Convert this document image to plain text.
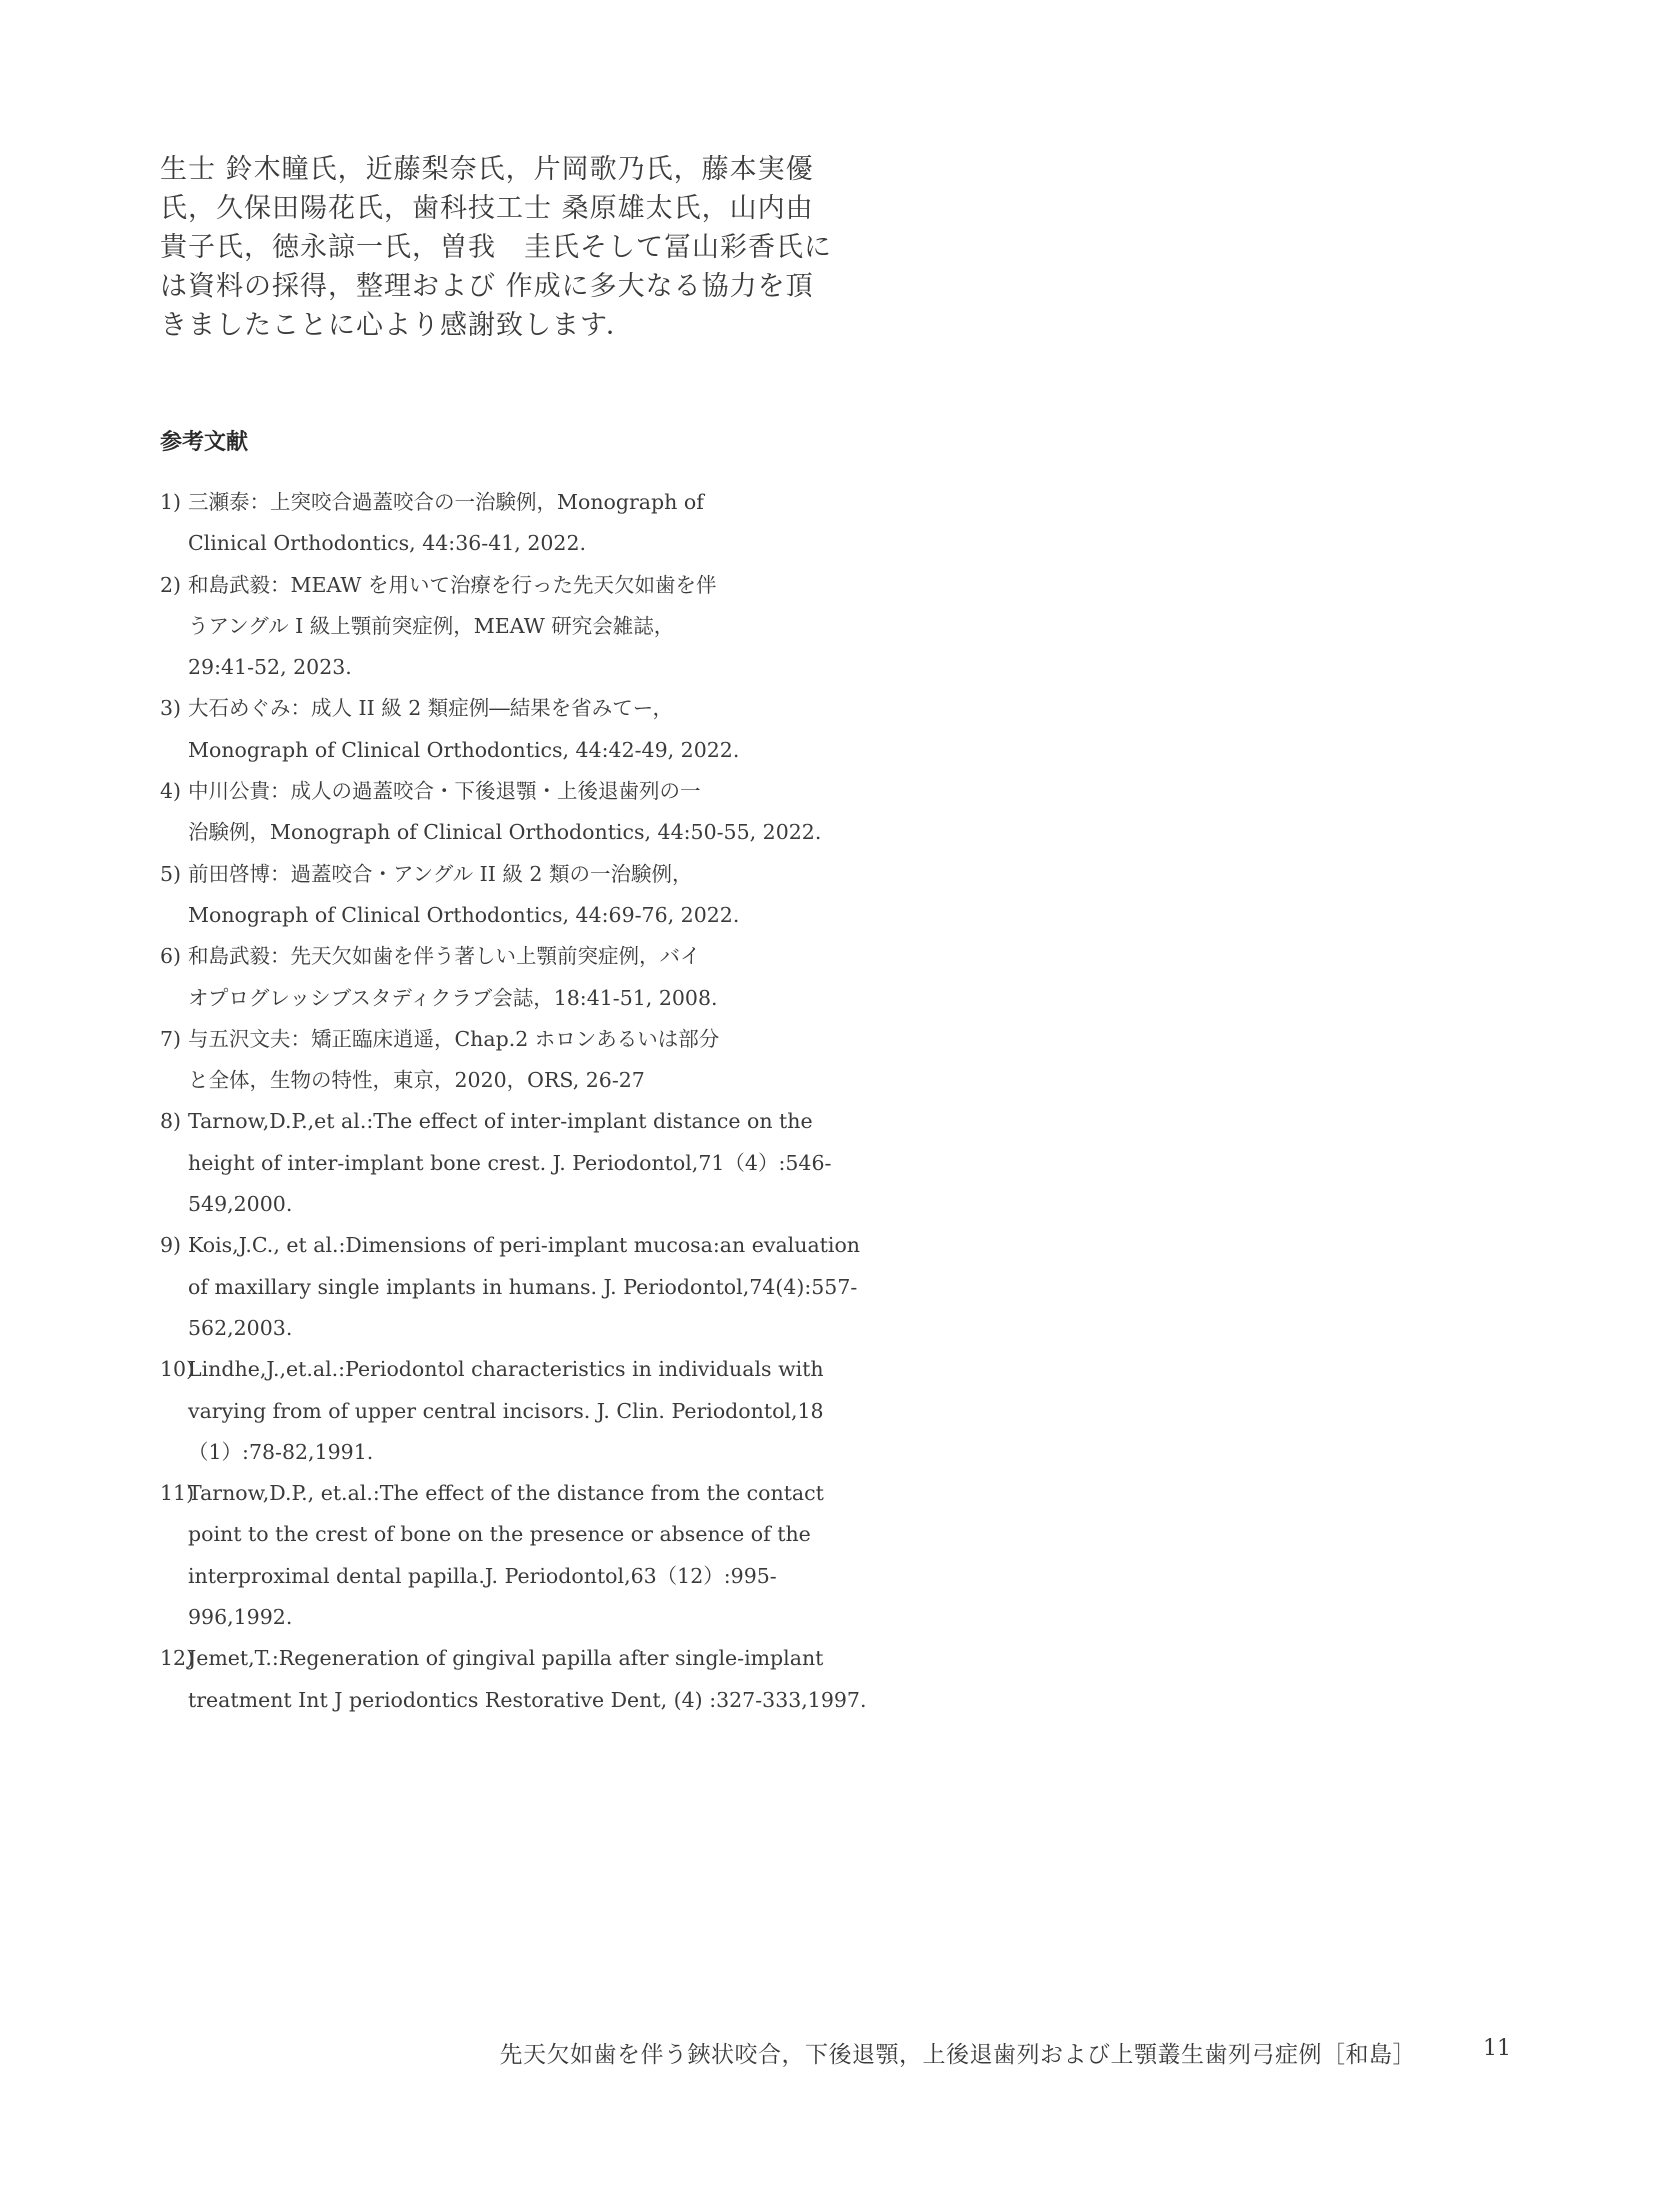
生士 鈴木瞳氏，近藤梨奈氏，片岡歌乃氏，藤本実優
氏，久保田陽花氏，歯科技工士 桑原雄太氏，山内由
貴子氏，徳永諒一氏，曽我　圭氏そして冨山彩香氏に
は資料の採得，整理および 作成に多大なる協力を頂
きましたことに心より感謝致します．
参考文献
1) 三瀬泰：上突咬合過蓋咬合の一治験例，Monograph of
Clinical Orthodontics, 44:36-41, 2022.
2) 和島武毅：MEAW を用いて治療を行った先天欠如歯を伴
うアングル I 級上顎前突症例，MEAW 研究会雑誌，
29:41-52, 2023.
3) 大石めぐみ：成人 II 級 2 類症例―結果を省みてー，
Monograph of Clinical Orthodontics, 44:42-49, 2022.
4) 中川公貴：成人の過蓋咬合・下後退顎・上後退歯列の一
治験例，Monograph of Clinical Orthodontics, 44:50-55, 2022.
5) 前田啓博：過蓋咬合・アングル II 級 2 類の一治験例，
Monograph of Clinical Orthodontics, 44:69-76, 2022.
6) 和島武毅：先天欠如歯を伴う著しい上顎前突症例，バイ
オプログレッシブスタディクラブ会誌，18:41-51, 2008.
7) 与五沢文夫：矯正臨床逍遥，Chap.2 ホロンあるいは部分
と全体，生物の特性，東京，2020，ORS, 26-27
8) Tarnow,D.P.,et al.:The effect of inter-implant distance on the
height of inter-implant bone crest. J. Periodontol,71（4）:546-
549,2000.
9) Kois,J.C., et al.:Dimensions of peri-implant mucosa:an evaluation
of maxillary single implants in humans. J. Periodontol,74(4):557-
562,2003.
10)
Lindhe,J.,et.al.:Periodontol characteristics in individuals with
varying from of upper central incisors. J. Clin. Periodontol,18
（1）:78-82,1991.
11)
Tarnow,D.P., et.al.:The effect of the distance from the contact
point to the crest of bone on the presence or absence of the
interproximal dental papilla.J. Periodontol,63（12）:995-
996,1992.
12)
Jemet,T.:Regeneration of gingival papilla after single-implant
treatment Int J periodontics Restorative Dent, (4) :327-333,1997.
先天欠如歯を伴う鋏状咬合，下後退顎，上後退歯列および上顎叢生歯列弓症例［和島］	11
